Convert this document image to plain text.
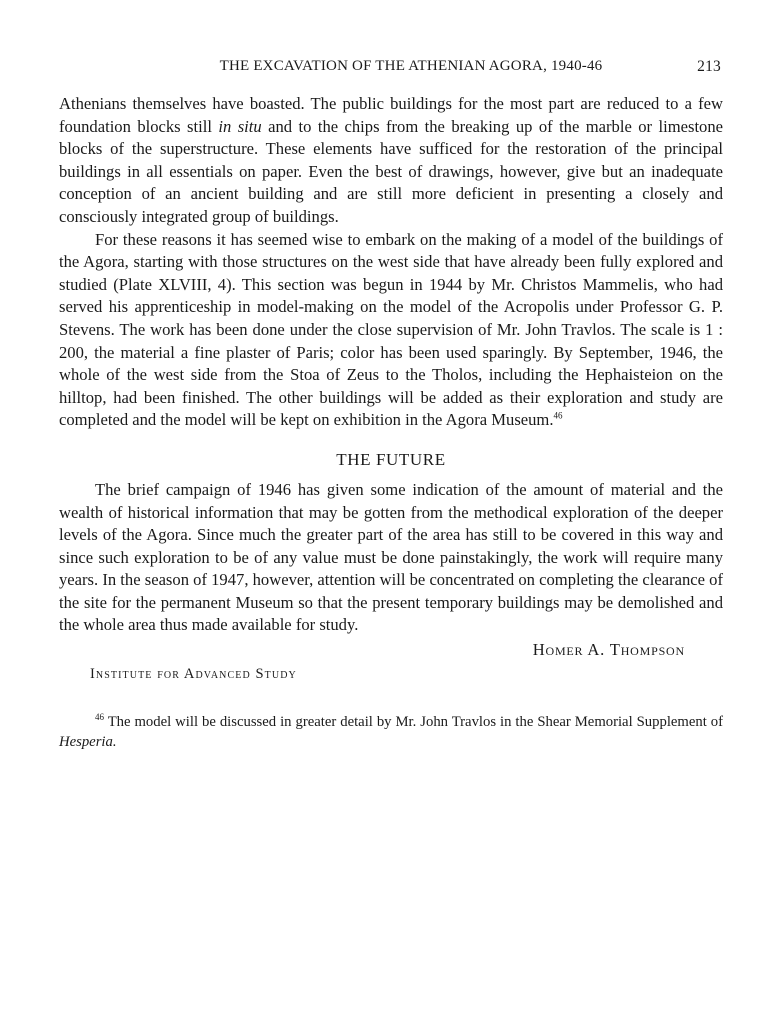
THE EXCAVATION OF THE ATHENIAN AGORA, 1940-46	213

Athenians themselves have boasted. The public buildings for the most part are reduced to a few foundation blocks still in situ and to the chips from the breaking up of the marble or limestone blocks of the superstructure. These elements have sufficed for the restoration of the principal buildings in all essentials on paper. Even the best of drawings, however, give but an inadequate conception of an ancient building and are still more deficient in presenting a closely and consciously integrated group of buildings.

For these reasons it has seemed wise to embark on the making of a model of the buildings of the Agora, starting with those structures on the west side that have already been fully explored and studied (Plate XLVIII, 4). This section was begun in 1944 by Mr. Christos Mammelis, who had served his apprenticeship in model-making on the model of the Acropolis under Professor G. P. Stevens. The work has been done under the close supervision of Mr. John Travlos. The scale is 1 : 200, the material a fine plaster of Paris; color has been used sparingly. By September, 1946, the whole of the west side from the Stoa of Zeus to the Tholos, including the Hephaisteion on the hilltop, had been finished. The other buildings will be added as their exploration and study are completed and the model will be kept on exhibition in the Agora Museum.$^{46}$

THE FUTURE

The brief campaign of 1946 has given some indication of the amount of material and the wealth of historical information that may be gotten from the methodical exploration of the deeper levels of the Agora. Since much the greater part of the area has still to be covered in this way and since such exploration to be of any value must be done painstakingly, the work will require many years. In the season of 1947, however, attention will be concentrated on completing the clearance of the site for the permanent Museum so that the present temporary buildings may be demolished and the whole area thus made available for study.

Homer A. Thompson
Institute for Advanced Study
$^{46}$ The model will be discussed in greater detail by Mr. John Travlos in the Shear Memorial Supplement of Hesperia.
